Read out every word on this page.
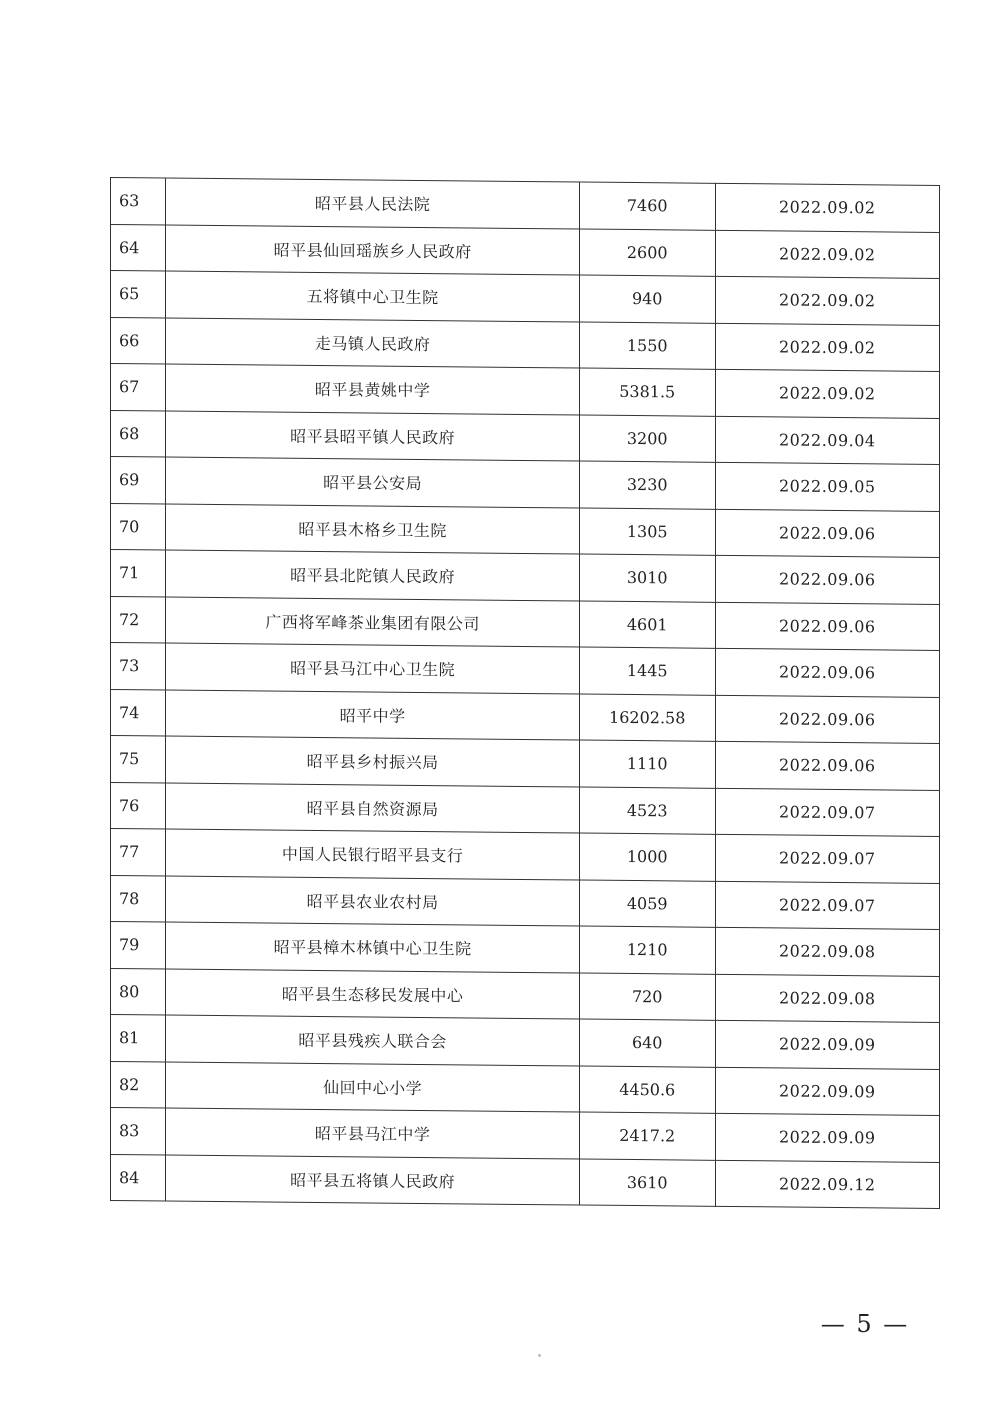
63	昭平县人民法院	7460	2022.09.02
64	昭平县仙回瑶族乡人民政府	2600	2022.09.02
65	五将镇中心卫生院	940	2022.09.02
66	走马镇人民政府	1550	2022.09.02
67	昭平县黄姚中学	5381.5	2022.09.02
68	昭平县昭平镇人民政府	3200	2022.09.04
69	昭平县公安局	3230	2022.09.05
70	昭平县木格乡卫生院	1305	2022.09.06
71	昭平县北陀镇人民政府	3010	2022.09.06
72	广西将军峰茶业集团有限公司	4601	2022.09.06
73	昭平县马江中心卫生院	1445	2022.09.06
74	昭平中学	16202.58	2022.09.06
75	昭平县乡村振兴局	1110	2022.09.06
76	昭平县自然资源局	4523	2022.09.07
77	中国人民银行昭平县支行	1000	2022.09.07
78	昭平县农业农村局	4059	2022.09.07
79	昭平县樟木林镇中心卫生院	1210	2022.09.08
80	昭平县生态移民发展中心	720	2022.09.08
81	昭平县残疾人联合会	640	2022.09.09
82	仙回中心小学	4450.6	2022.09.09
83	昭平县马江中学	2417.2	2022.09.09
84	昭平县五将镇人民政府	3610	2022.09.12
— 5 —
